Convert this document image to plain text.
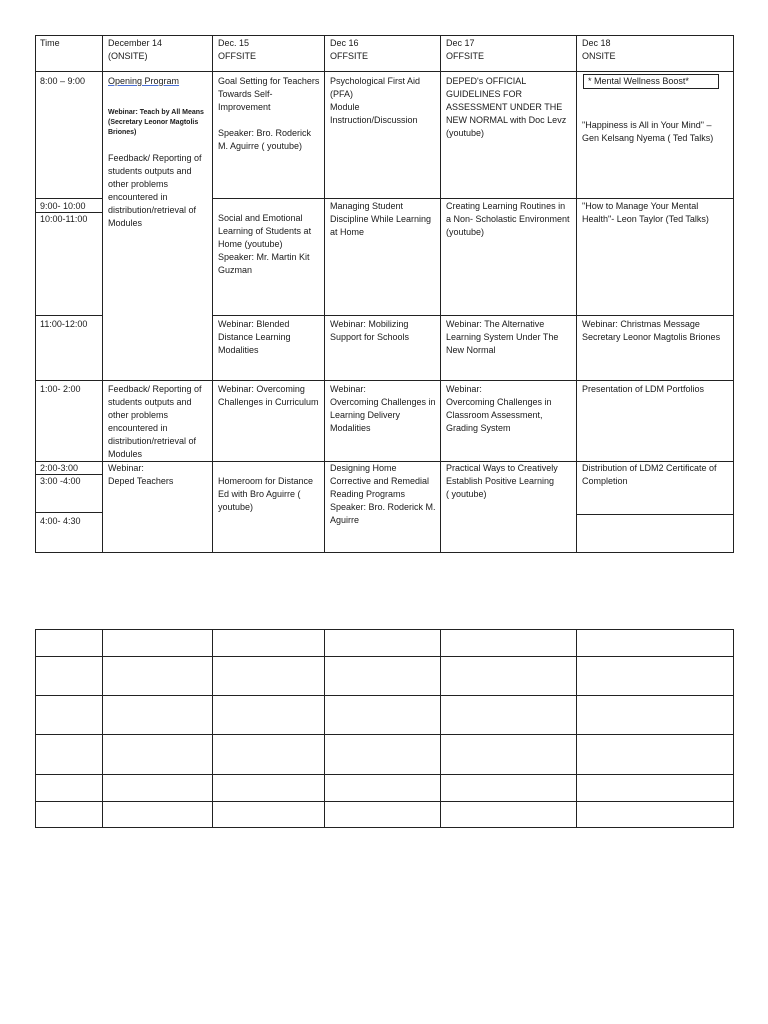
Time	December 14
(ONSITE)
Dec. 15
OFFSITE
Dec 16
OFFSITE
Dec 17
OFFSITE
Dec 18
ONSITE
8:00 – 9:00
9:00- 10:00
10:00-11:00
11:00-12:00
1:00- 2:00
2:00-3:00
3:00 -4:00
4:00- 4:30
Opening Program
Webinar: Teach by All Means (Secretary Leonor Magtolis Briones)
Feedback/ Reporting of students outputs and other problems encountered in distribution/retrieval of Modules
Feedback/ Reporting of students outputs and other problems encountered in distribution/retrieval of Modules
Webinar:
Deped Teachers
Goal Setting for Teachers Towards Self-Improvement

Speaker: Bro. Roderick M. Aguirre ( youtube)
Social and Emotional Learning of Students at Home (youtube)
Speaker: Mr. Martin Kit Guzman
Webinar: Blended Distance Learning Modalities
Webinar: Overcoming Challenges in Curriculum
Homeroom for Distance Ed with Bro Aguirre ( youtube)
Psychological First Aid (PFA)
Module Instruction/Discussion
Managing Student Discipline While Learning at Home
Webinar: Mobilizing Support for Schools
Webinar:
Overcoming Challenges in Learning Delivery Modalities
Designing Home Corrective and Remedial Reading Programs
Speaker: Bro. Roderick M. Aguirre
DEPED's OFFICIAL GUIDELINES FOR ASSESSMENT UNDER THE NEW NORMAL with Doc Levz (youtube)
Creating Learning Routines in a Non- Scholastic Environment
(youtube)
Webinar: The Alternative Learning System Under The New Normal
Webinar:
Overcoming Challenges in Classroom Assessment, Grading System
Practical Ways to Creatively Establish Positive Learning
( youtube)
* Mental Wellness Boost*
"Happiness is All in Your Mind" – Gen Kelsang Nyema ( Ted Talks)
"How to Manage Your Mental Health"- Leon Taylor (Ted Talks)
Webinar: Christmas Message Secretary Leonor Magtolis Briones
Presentation of LDM Portfolios
Distribution of LDM2 Certificate of Completion
